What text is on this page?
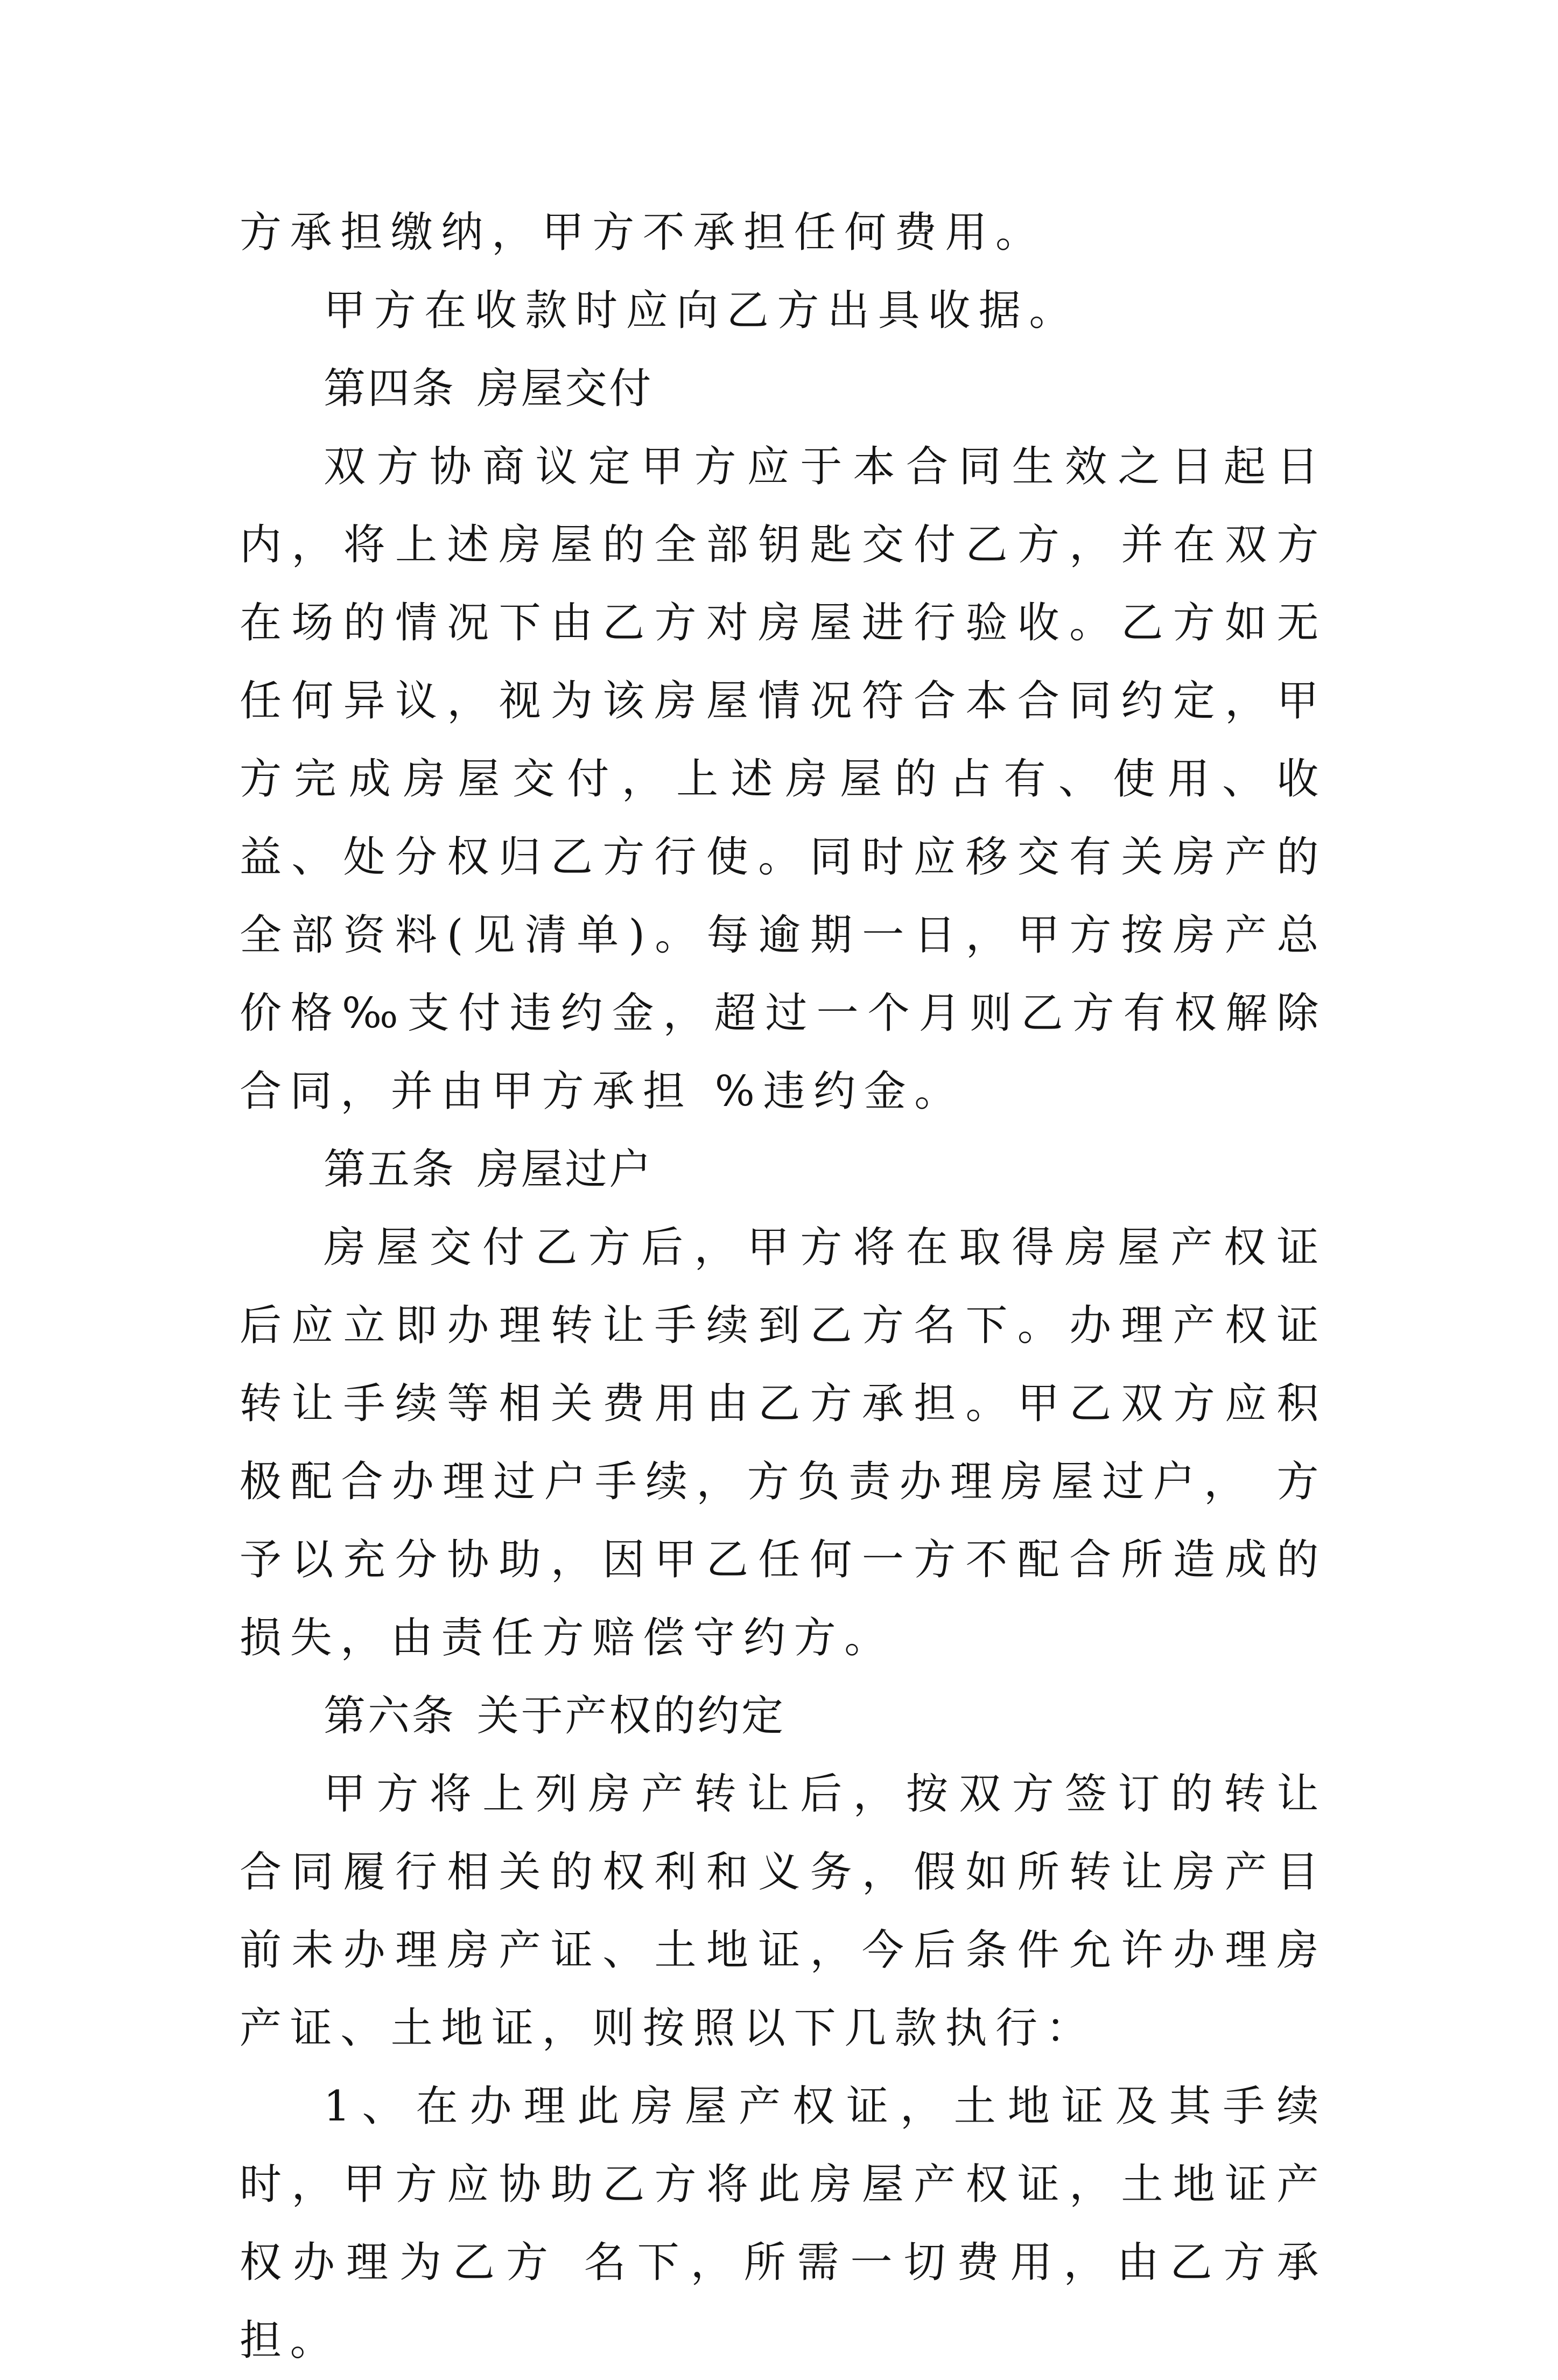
方承担缴纳，甲方不承担任何费用。

甲方在收款时应向乙方出具收据。

第四条 房屋交付

双方协商议定甲方应于本合同生效之日起日内，将上述房屋的全部钥匙交付乙方，并在双方在场的情况下由乙方对房屋进行验收。乙方如无任何异议，视为该房屋情况符合本合同约定，甲方完成房屋交付，上述房屋的占有、使用、收益、处分权归乙方行使。同时应移交有关房产的全部资料(见清单)。每逾期一日，甲方按房产总价格‰支付违约金，超过一个月则乙方有权解除合同，并由甲方承担 %违约金。

第五条 房屋过户

房屋交付乙方后，甲方将在取得房屋产权证后应立即办理转让手续到乙方名下。办理产权证转让手续等相关费用由乙方承担。甲乙双方应积极配合办理过户手续，方负责办理房屋过户， 方予以充分协助，因甲乙任何一方不配合所造成的损失，由责任方赔偿守约方。

第六条 关于产权的约定

甲方将上列房产转让后，按双方签订的转让合同履行相关的权利和义务，假如所转让房产目前未办理房产证、土地证，今后条件允许办理房产证、土地证，则按照以下几款执行：

1、在办理此房屋产权证，土地证及其手续时，甲方应协助乙方将此房屋产权证，土地证产权办理为乙方 名下，所需一切费用，由乙方承担。
